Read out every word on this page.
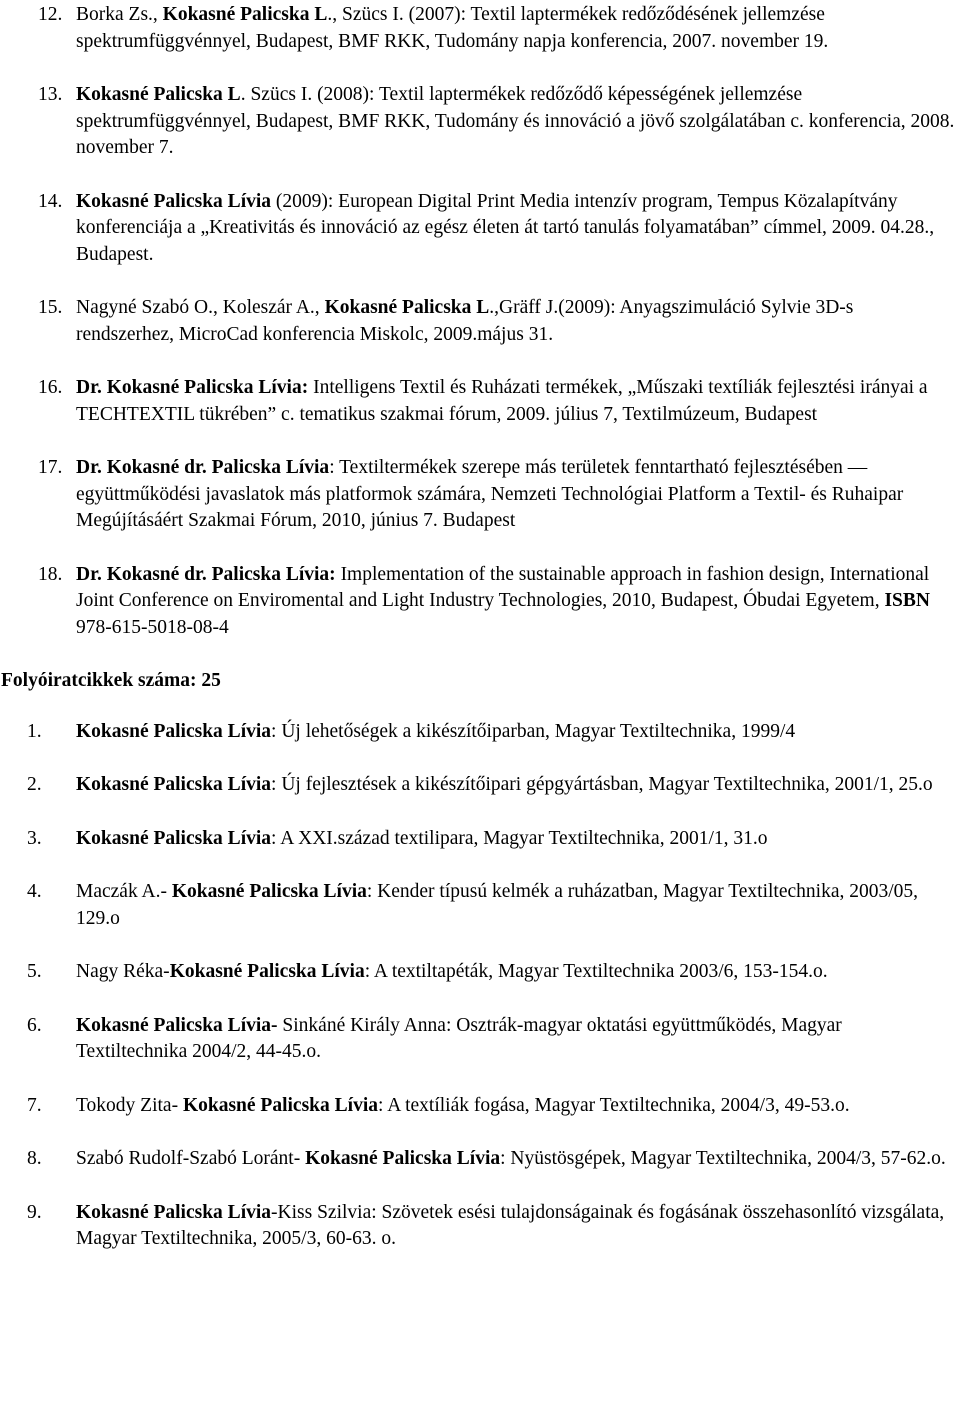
12. Borka Zs., Kokasné Palicska L., Szücs I. (2007): Textil laptermékek redőződésének jellemzése spektrumfüggvénnyel, Budapest, BMF RKK, Tudomány napja konferencia, 2007. november 19.
13. Kokasné Palicska L. Szücs I. (2008): Textil laptermékek redőződő képességének jellemzése spektrumfüggvénnyel, Budapest, BMF RKK, Tudomány és innováció a jövő szolgálatában c. konferencia, 2008. november 7.
14. Kokasné Palicska Lívia (2009): European Digital Print Media intenzív program, Tempus Közalapítvány konferenciája a „Kreativitás és innováció az egész életen át tartó tanulás folyamatában” címmel, 2009. 04.28., Budapest.
15. Nagyné Szabó O., Koleszár A., Kokasné Palicska L.,Gräff J.(2009): Anyagszimuláció Sylvie 3D-s rendszerhez, MicroCad konferencia Miskolc, 2009.május 31.
16. Dr. Kokasné Palicska Lívia: Intelligens Textil és Ruházati termékek, „Műszaki textíliák fejlesztési irányai a TECHTEXTIL tükrében” c. tematikus szakmai fórum, 2009. július 7, Textilmúzeum, Budapest
17. Dr. Kokasné dr. Palicska Lívia: Textiltermékek szerepe más területek fenntartható fejlesztésében — együttműködési javaslatok más platformok számára, Nemzeti Technológiai Platform a Textil- és Ruhaipar Megújításáért Szakmai Fórum, 2010, június 7. Budapest
18. Dr. Kokasné dr. Palicska Lívia: Implementation of the sustainable approach in fashion design, International Joint Conference on Enviromental and Light Industry Technologies, 2010, Budapest, Óbudai Egyetem, ISBN 978-615-5018-08-4
Folyóiratcikkek száma: 25
1. Kokasné Palicska Lívia: Új lehetőségek a kikészítőiparban, Magyar Textiltechnika, 1999/4
2. Kokasné Palicska Lívia: Új fejlesztések a kikészítőipari gépgyártásban, Magyar Textiltechnika, 2001/1, 25.o
3. Kokasné Palicska Lívia: A XXI.század textilipara, Magyar Textiltechnika, 2001/1, 31.o
4. Maczák A.- Kokasné Palicska Lívia: Kender típusú kelmék a ruházatban, Magyar Textiltechnika, 2003/05, 129.o
5. Nagy Réka-Kokasné Palicska Lívia: A textiltapéták, Magyar Textiltechnika 2003/6, 153-154.o.
6. Kokasné Palicska Lívia- Sinkáné Király Anna: Osztrák-magyar oktatási együttműködés, Magyar Textiltechnika 2004/2, 44-45.o.
7. Tokody Zita- Kokasné Palicska Lívia: A textíliák fogása, Magyar Textiltechnika, 2004/3, 49-53.o.
8. Szabó Rudolf-Szabó Loránt- Kokasné Palicska Lívia: Nyüstösgépek, Magyar Textiltechnika, 2004/3, 57-62.o.
9. Kokasné Palicska Lívia-Kiss Szilvia: Szövetek esési tulajdonságainak és fogásának összehasonlító vizsgálata, Magyar Textiltechnika, 2005/3, 60-63. o.
